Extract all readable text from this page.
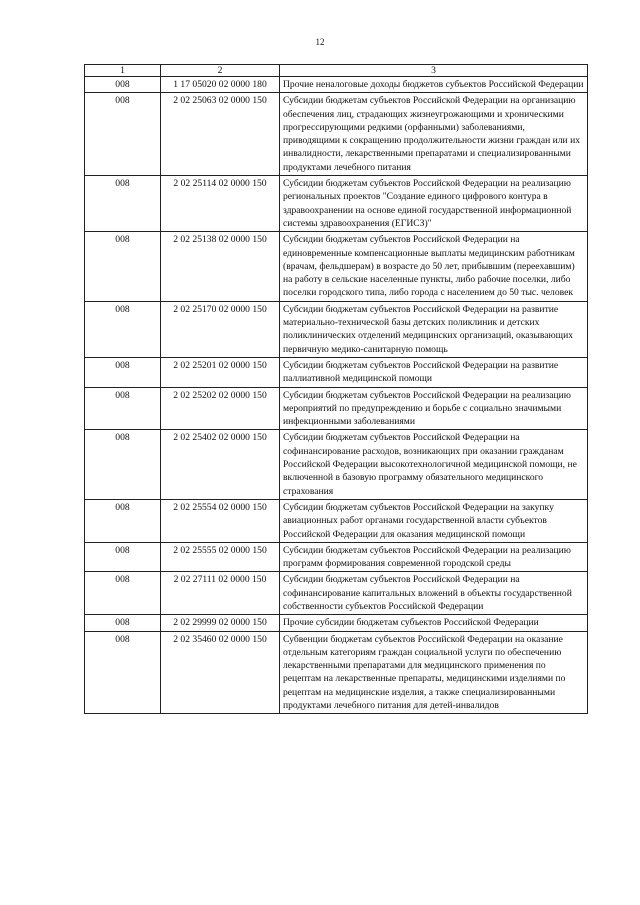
12
1	2	3
008	1 17 05020 02 0000 180	Прочие неналоговые доходы бюджетов субъектов Российской Федерации
008	2 02 25063 02 0000 150	Субсидии бюджетам субъектов Российской Федерации на организацию обеспечения лиц, страдающих жизнеугрожающими и хроническими прогрессирующими редкими (орфанными) заболеваниями, приводящими к сокращению продолжительности жизни граждан или их инвалидности, лекарственными препаратами и специализированными продуктами лечебного питания
008	2 02 25114 02 0000 150	Субсидии бюджетам субъектов Российской Федерации на реализацию региональных проектов "Создание единого цифрового контура в здравоохранении на основе единой государственной информационной системы здравоохранения (ЕГИСЗ)"
008	2 02 25138 02 0000 150	Субсидии бюджетам субъектов Российской Федерации на единовременные компенсационные выплаты медицинским работникам (врачам, фельдшерам) в возрасте до 50 лет, прибывшим (переехавшим) на работу в сельские населенные пункты, либо рабочие поселки, либо поселки городского типа, либо города с населением до 50 тыс. человек
008	2 02 25170 02 0000 150	Субсидии бюджетам субъектов Российской Федерации на развитие материально-технической базы детских поликлиник и детских поликлинических отделений медицинских организаций, оказывающих первичную медико-санитарную помощь
008	2 02 25201 02 0000 150	Субсидии бюджетам субъектов Российской Федерации на развитие паллиативной медицинской помощи
008	2 02 25202 02 0000 150	Субсидии бюджетам субъектов Российской Федерации на реализацию мероприятий по предупреждению и борьбе с социально значимыми инфекционными заболеваниями
008	2 02 25402 02 0000 150	Субсидии бюджетам субъектов Российской Федерации на софинансирование расходов, возникающих при оказании гражданам Российской Федерации высокотехнологичной медицинской помощи, не включенной в базовую программу обязательного медицинского страхования
008	2 02 25554 02 0000 150	Субсидии бюджетам субъектов Российской Федерации на закупку авиационных работ органами государственной власти субъектов Российской Федерации для оказания медицинской помощи
008	2 02 25555 02 0000 150	Субсидии бюджетам субъектов Российской Федерации на реализацию программ формирования современной городской среды
008	2 02 27111 02 0000 150	Субсидии бюджетам субъектов Российской Федерации на софинансирование капитальных вложений в объекты государственной собственности субъектов Российской Федерации
008	2 02 29999 02 0000 150	Прочие субсидии бюджетам субъектов Российской Федерации
008	2 02 35460 02 0000 150	Субвенции бюджетам субъектов Российской Федерации на оказание отдельным категориям граждан социальной услуги по обеспечению лекарственными препаратами для медицинского применения по рецептам на лекарственные препараты, медицинскими изделиями по рецептам на медицинские изделия, а также специализированными продуктами лечебного питания для детей-инвалидов
